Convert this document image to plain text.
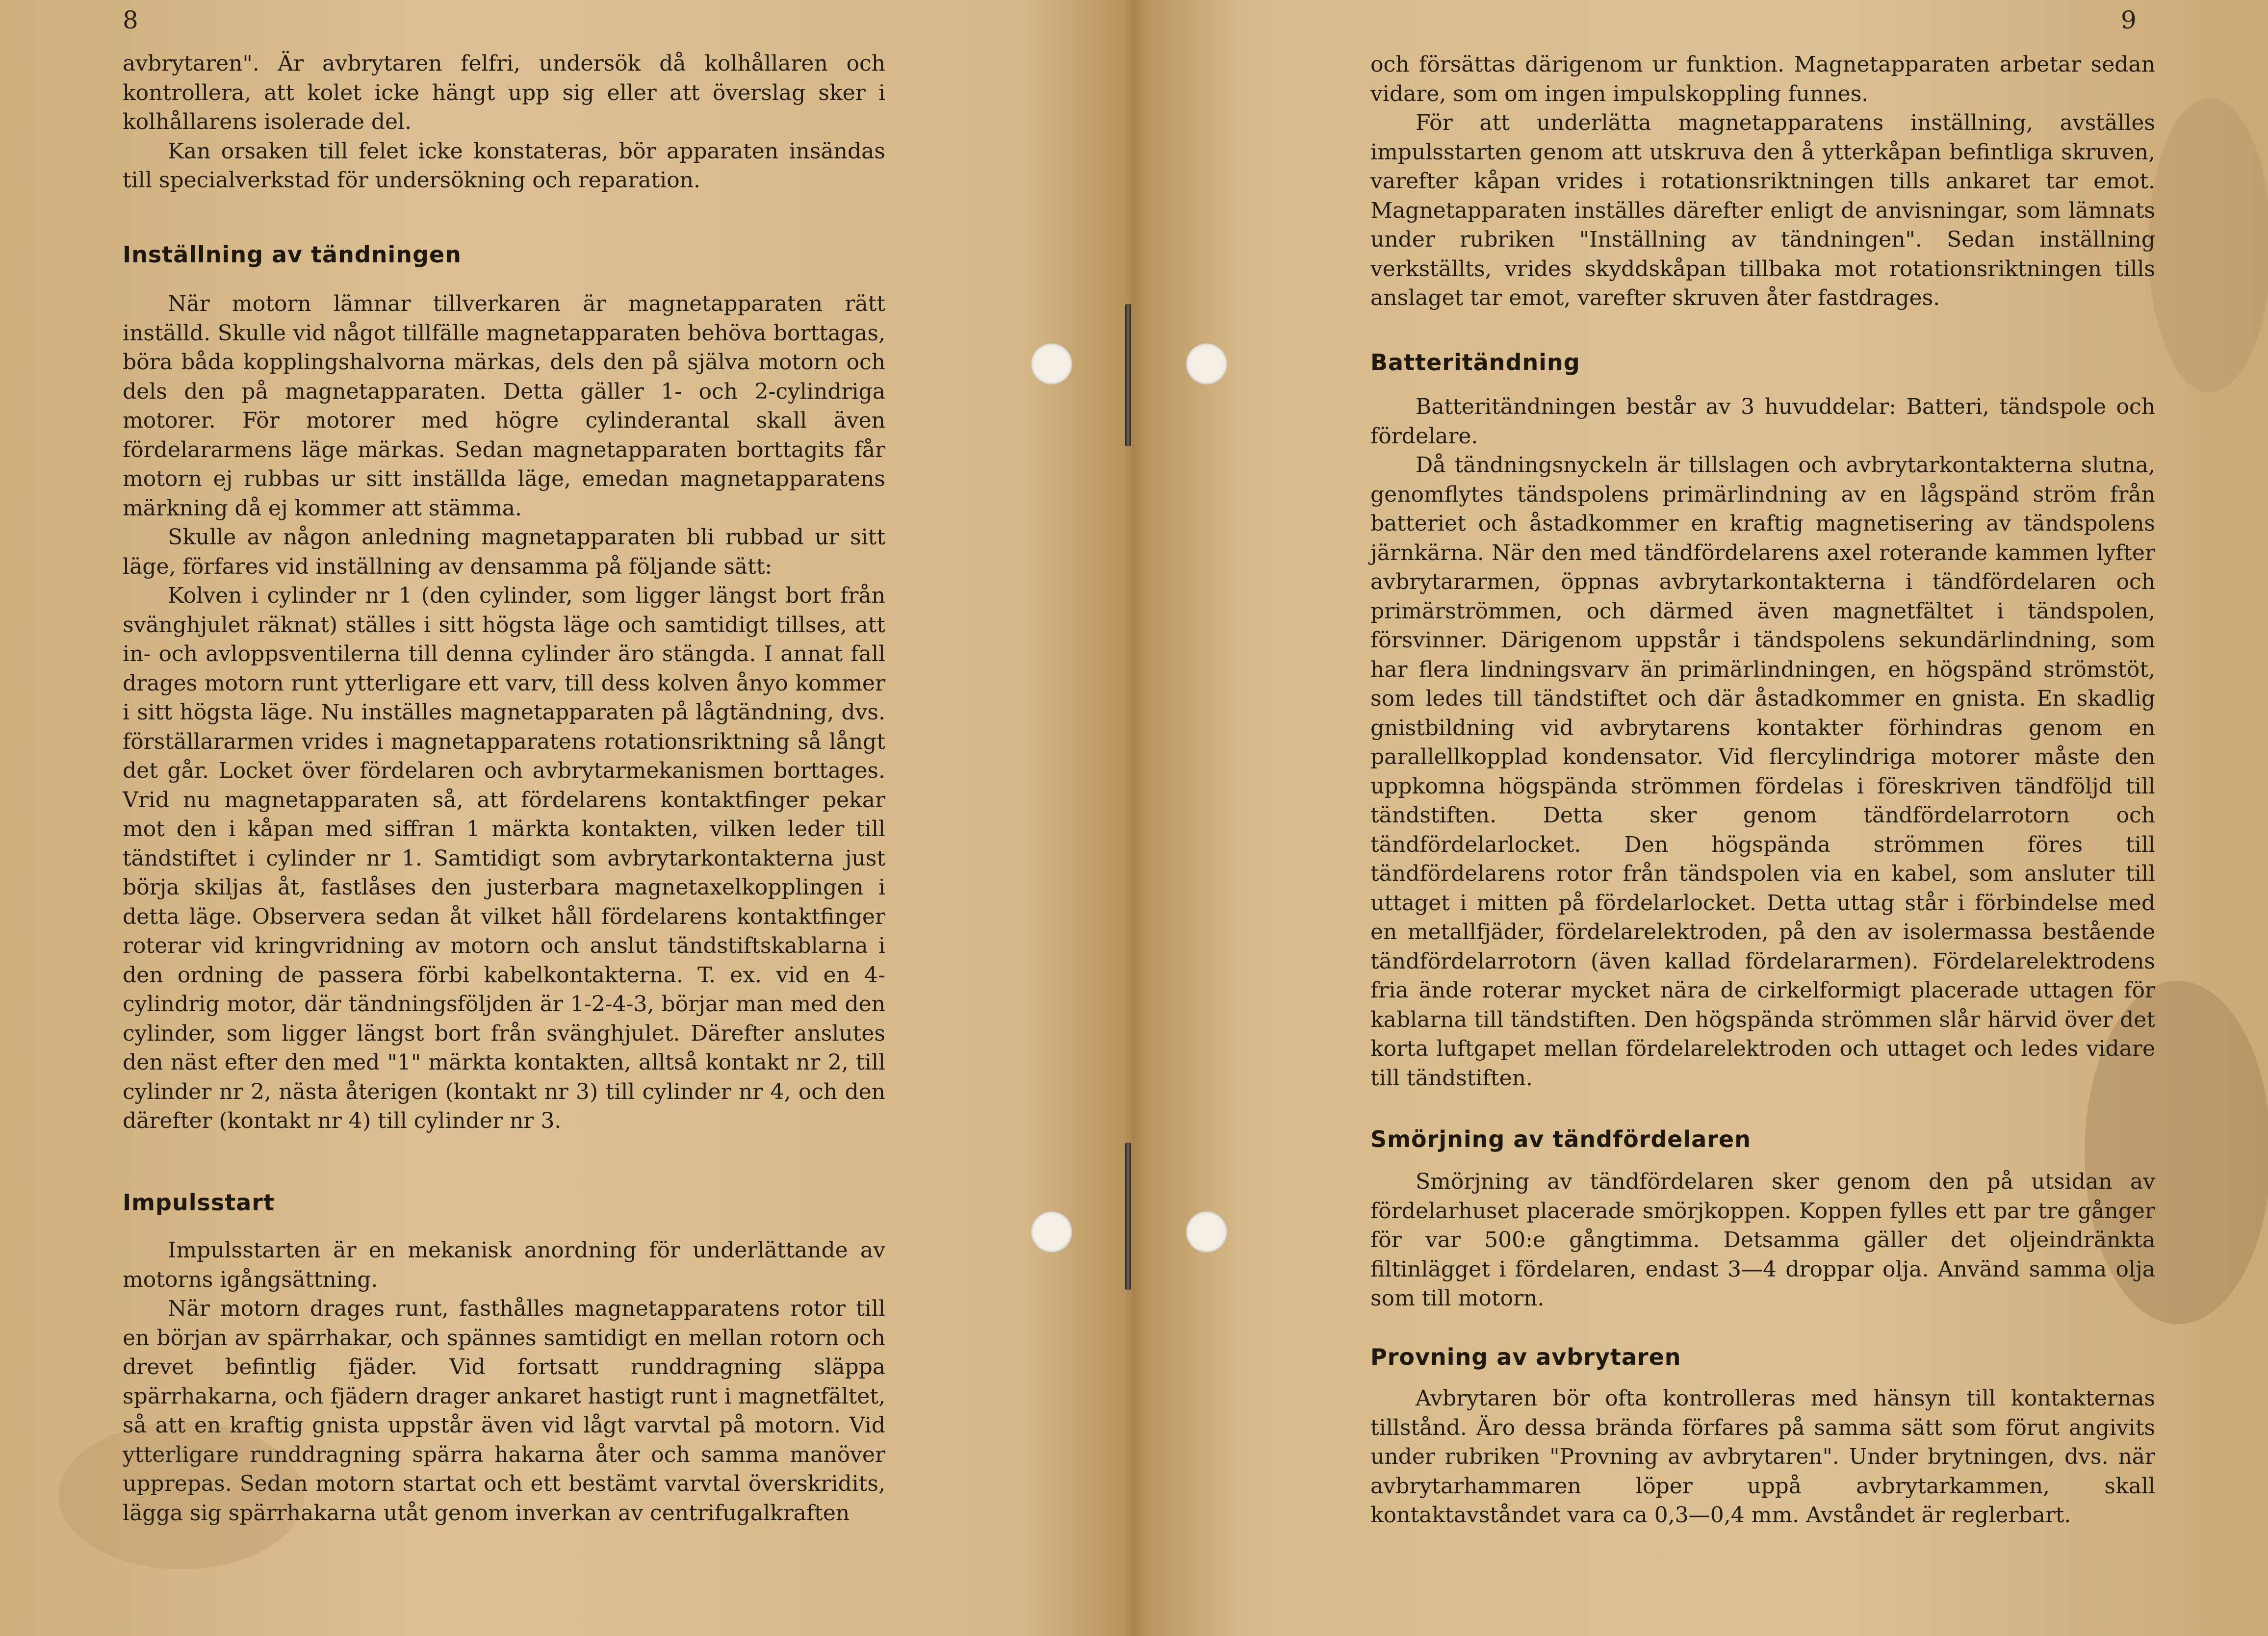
8

avbrytaren". Är avbrytaren felfri, undersök då kolhållaren och kontrollera, att kolet icke hängt upp sig eller att överslag sker i kolhållarens isolerade del.

Kan orsaken till felet icke konstateras, bör apparaten insändas till specialverkstad för undersökning och reparation.

Inställning av tändningen

När motorn lämnar tillverkaren är magnetapparaten rätt inställd. Skulle vid något tillfälle magnetapparaten behöva borttagas, böra båda kopplingshalvorna märkas, dels den på själva motorn och dels den på magnetapparaten. Detta gäller 1- och 2-cylindriga motorer. För motorer med högre cylinderantal skall även fördelararmens läge märkas. Sedan magnetapparaten borttagits får motorn ej rubbas ur sitt inställda läge, emedan magnetapparatens märkning då ej kommer att stämma.

Skulle av någon anledning magnetapparaten bli rubbad ur sitt läge, förfares vid inställning av densamma på följande sätt:

Kolven i cylinder nr 1 (den cylinder, som ligger längst bort från svänghjulet räknat) ställes i sitt högsta läge och samtidigt tillses, att in- och avloppsventilerna till denna cylinder äro stängda. I annat fall drages motorn runt ytterligare ett varv, till dess kolven ånyo kommer i sitt högsta läge. Nu inställes magnetapparaten på lågtändning, dvs. förställararmen vrides i magnetapparatens rotationsriktning så långt det går. Locket över fördelaren och avbrytarmekanismen borttages. Vrid nu magnetapparaten så, att fördelarens kontaktfinger pekar mot den i kåpan med siffran 1 märkta kontakten, vilken leder till tändstiftet i cylinder nr 1. Samtidigt som avbrytarkontakterna just börja skiljas åt, fastlåses den justerbara magnetaxelkopplingen i detta läge. Observera sedan åt vilket håll fördelarens kontaktfinger roterar vid kringvridning av motorn och anslut tändstiftskablarna i den ordning de passera förbi kabelkontakterna. T. ex. vid en 4-cylindrig motor, där tändningsföljden är 1-2-4-3, börjar man med den cylinder, som ligger längst bort från svänghjulet. Därefter anslutes den näst efter den med "1" märkta kontakten, alltså kontakt nr 2, till cylinder nr 2, nästa återigen (kontakt nr 3) till cylinder nr 4, och den därefter (kontakt nr 4) till cylinder nr 3.

Impulsstart

Impulsstarten är en mekanisk anordning för underlättande av motorns igångsättning.

När motorn drages runt, fasthålles magnetapparatens rotor till en början av spärrhakar, och spännes samtidigt en mellan rotorn och drevet befintlig fjäder. Vid fortsatt runddragning släppa spärrhakarna, och fjädern drager ankaret hastigt runt i magnetfältet, så att en kraftig gnista uppstår även vid lågt varvtal på motorn. Vid ytterligare runddragning spärra hakarna åter och samma manöver upprepas. Sedan motorn startat och ett bestämt varvtal överskridits, lägga sig spärrhakarna utåt genom inverkan av centrifugalkraften

9

och försättas därigenom ur funktion. Magnetapparaten arbetar sedan vidare, som om ingen impulskoppling funnes.

För att underlätta magnetapparatens inställning, avställes impulsstarten genom att utskruva den å ytterkåpan befintliga skruven, varefter kåpan vrides i rotationsriktningen tills ankaret tar emot. Magnetapparaten inställes därefter enligt de anvisningar, som lämnats under rubriken "Inställning av tändningen". Sedan inställning verkställts, vrides skyddskåpan tillbaka mot rotationsriktningen tills anslaget tar emot, varefter skruven åter fastdrages.

Batteritändning

Batteritändningen består av 3 huvuddelar: Batteri, tändspole och fördelare.

Då tändningsnyckeln är tillslagen och avbrytarkontakterna slutna, genomflytes tändspolens primärlindning av en lågspänd ström från batteriet och åstadkommer en kraftig magnetisering av tändspolens järnkärna. När den med tändfördelarens axel roterande kammen lyfter avbrytararmen, öppnas avbrytarkontakterna i tändfördelaren och primärströmmen, och därmed även magnetfältet i tändspolen, försvinner. Därigenom uppstår i tändspolens sekundärlindning, som har flera lindningsvarv än primärlindningen, en högspänd strömstöt, som ledes till tändstiftet och där åstadkommer en gnista. En skadlig gnistbildning vid avbrytarens kontakter förhindras genom en parallellkopplad kondensator. Vid flercylindriga motorer måste den uppkomna högspända strömmen fördelas i föreskriven tändföljd till tändstiften. Detta sker genom tändfördelarrotorn och tändfördelarlocket. Den högspända strömmen föres till tändfördelarens rotor från tändspolen via en kabel, som ansluter till uttaget i mitten på fördelarlocket. Detta uttag står i förbindelse med en metallfjäder, fördelarelektroden, på den av isolermassa bestående tändfördelarrotorn (även kallad fördelararmen). Fördelarelektrodens fria ände roterar mycket nära de cirkelformigt placerade uttagen för kablarna till tändstiften. Den högspända strömmen slår härvid över det korta luftgapet mellan fördelarelektroden och uttaget och ledes vidare till tändstiften.

Smörjning av tändfördelaren

Smörjning av tändfördelaren sker genom den på utsidan av fördelarhuset placerade smörjkoppen. Koppen fylles ett par tre gånger för var 500:e gångtimma. Detsamma gäller det oljeindränkta filtinlägget i fördelaren, endast 3—4 droppar olja. Använd samma olja som till motorn.

Provning av avbrytaren

Avbrytaren bör ofta kontrolleras med hänsyn till kontakternas tillstånd. Äro dessa brända förfares på samma sätt som förut angivits under rubriken "Provning av avbrytaren". Under brytningen, dvs. när avbrytarhammaren löper uppå avbrytarkammen, skall kontaktavståndet vara ca 0,3—0,4 mm. Avståndet är reglerbart.
